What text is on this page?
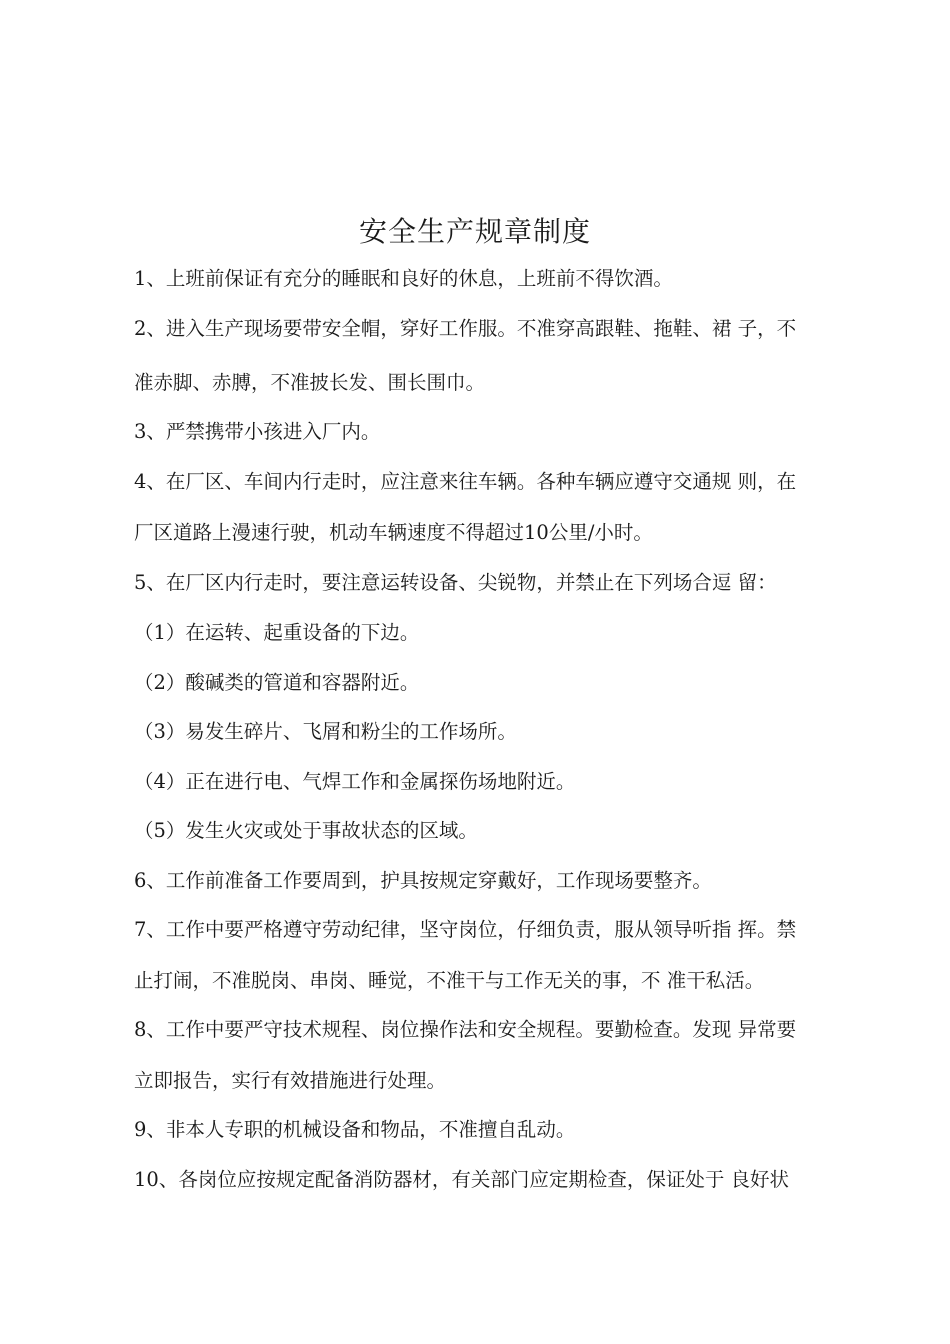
安全生产规章制度
1、上班前保证有充分的睡眠和良好的休息，上班前不得饮酒。
2、进入生产现场要带安全帽，穿好工作服。不准穿高跟鞋、拖鞋、裙 子，不
准赤脚、赤膊，不准披长发、围长围巾。
3、严禁携带小孩进入厂内。
4、在厂区、车间内行走时，应注意来往车辆。各种车辆应遵守交通规 则，在
厂区道路上漫速行驶，机动车辆速度不得超过10公里/小时。
5、在厂区内行走时，要注意运转设备、尖锐物，并禁止在下列场合逗 留：
（1）在运转、起重设备的下边。
（2）酸碱类的管道和容器附近。
（3）易发生碎片、飞屑和粉尘的工作场所。
（4）正在进行电、气焊工作和金属探伤场地附近。
（5）发生火灾或处于事故状态的区域。
6、工作前准备工作要周到，护具按规定穿戴好，工作现场要整齐。
7、工作中要严格遵守劳动纪律，坚守岗位，仔细负责，服从领导听指 挥。禁
止打闹，不准脱岗、串岗、睡觉，不准干与工作无关的事，不 准干私活。
8、工作中要严守技术规程、岗位操作法和安全规程。要勤检查。发现 异常要
立即报告，实行有效措施进行处理。
9、非本人专职的机械设备和物品，不准擅自乱动。
10、各岗位应按规定配备消防器材，有关部门应定期检查，保证处于 良好状
